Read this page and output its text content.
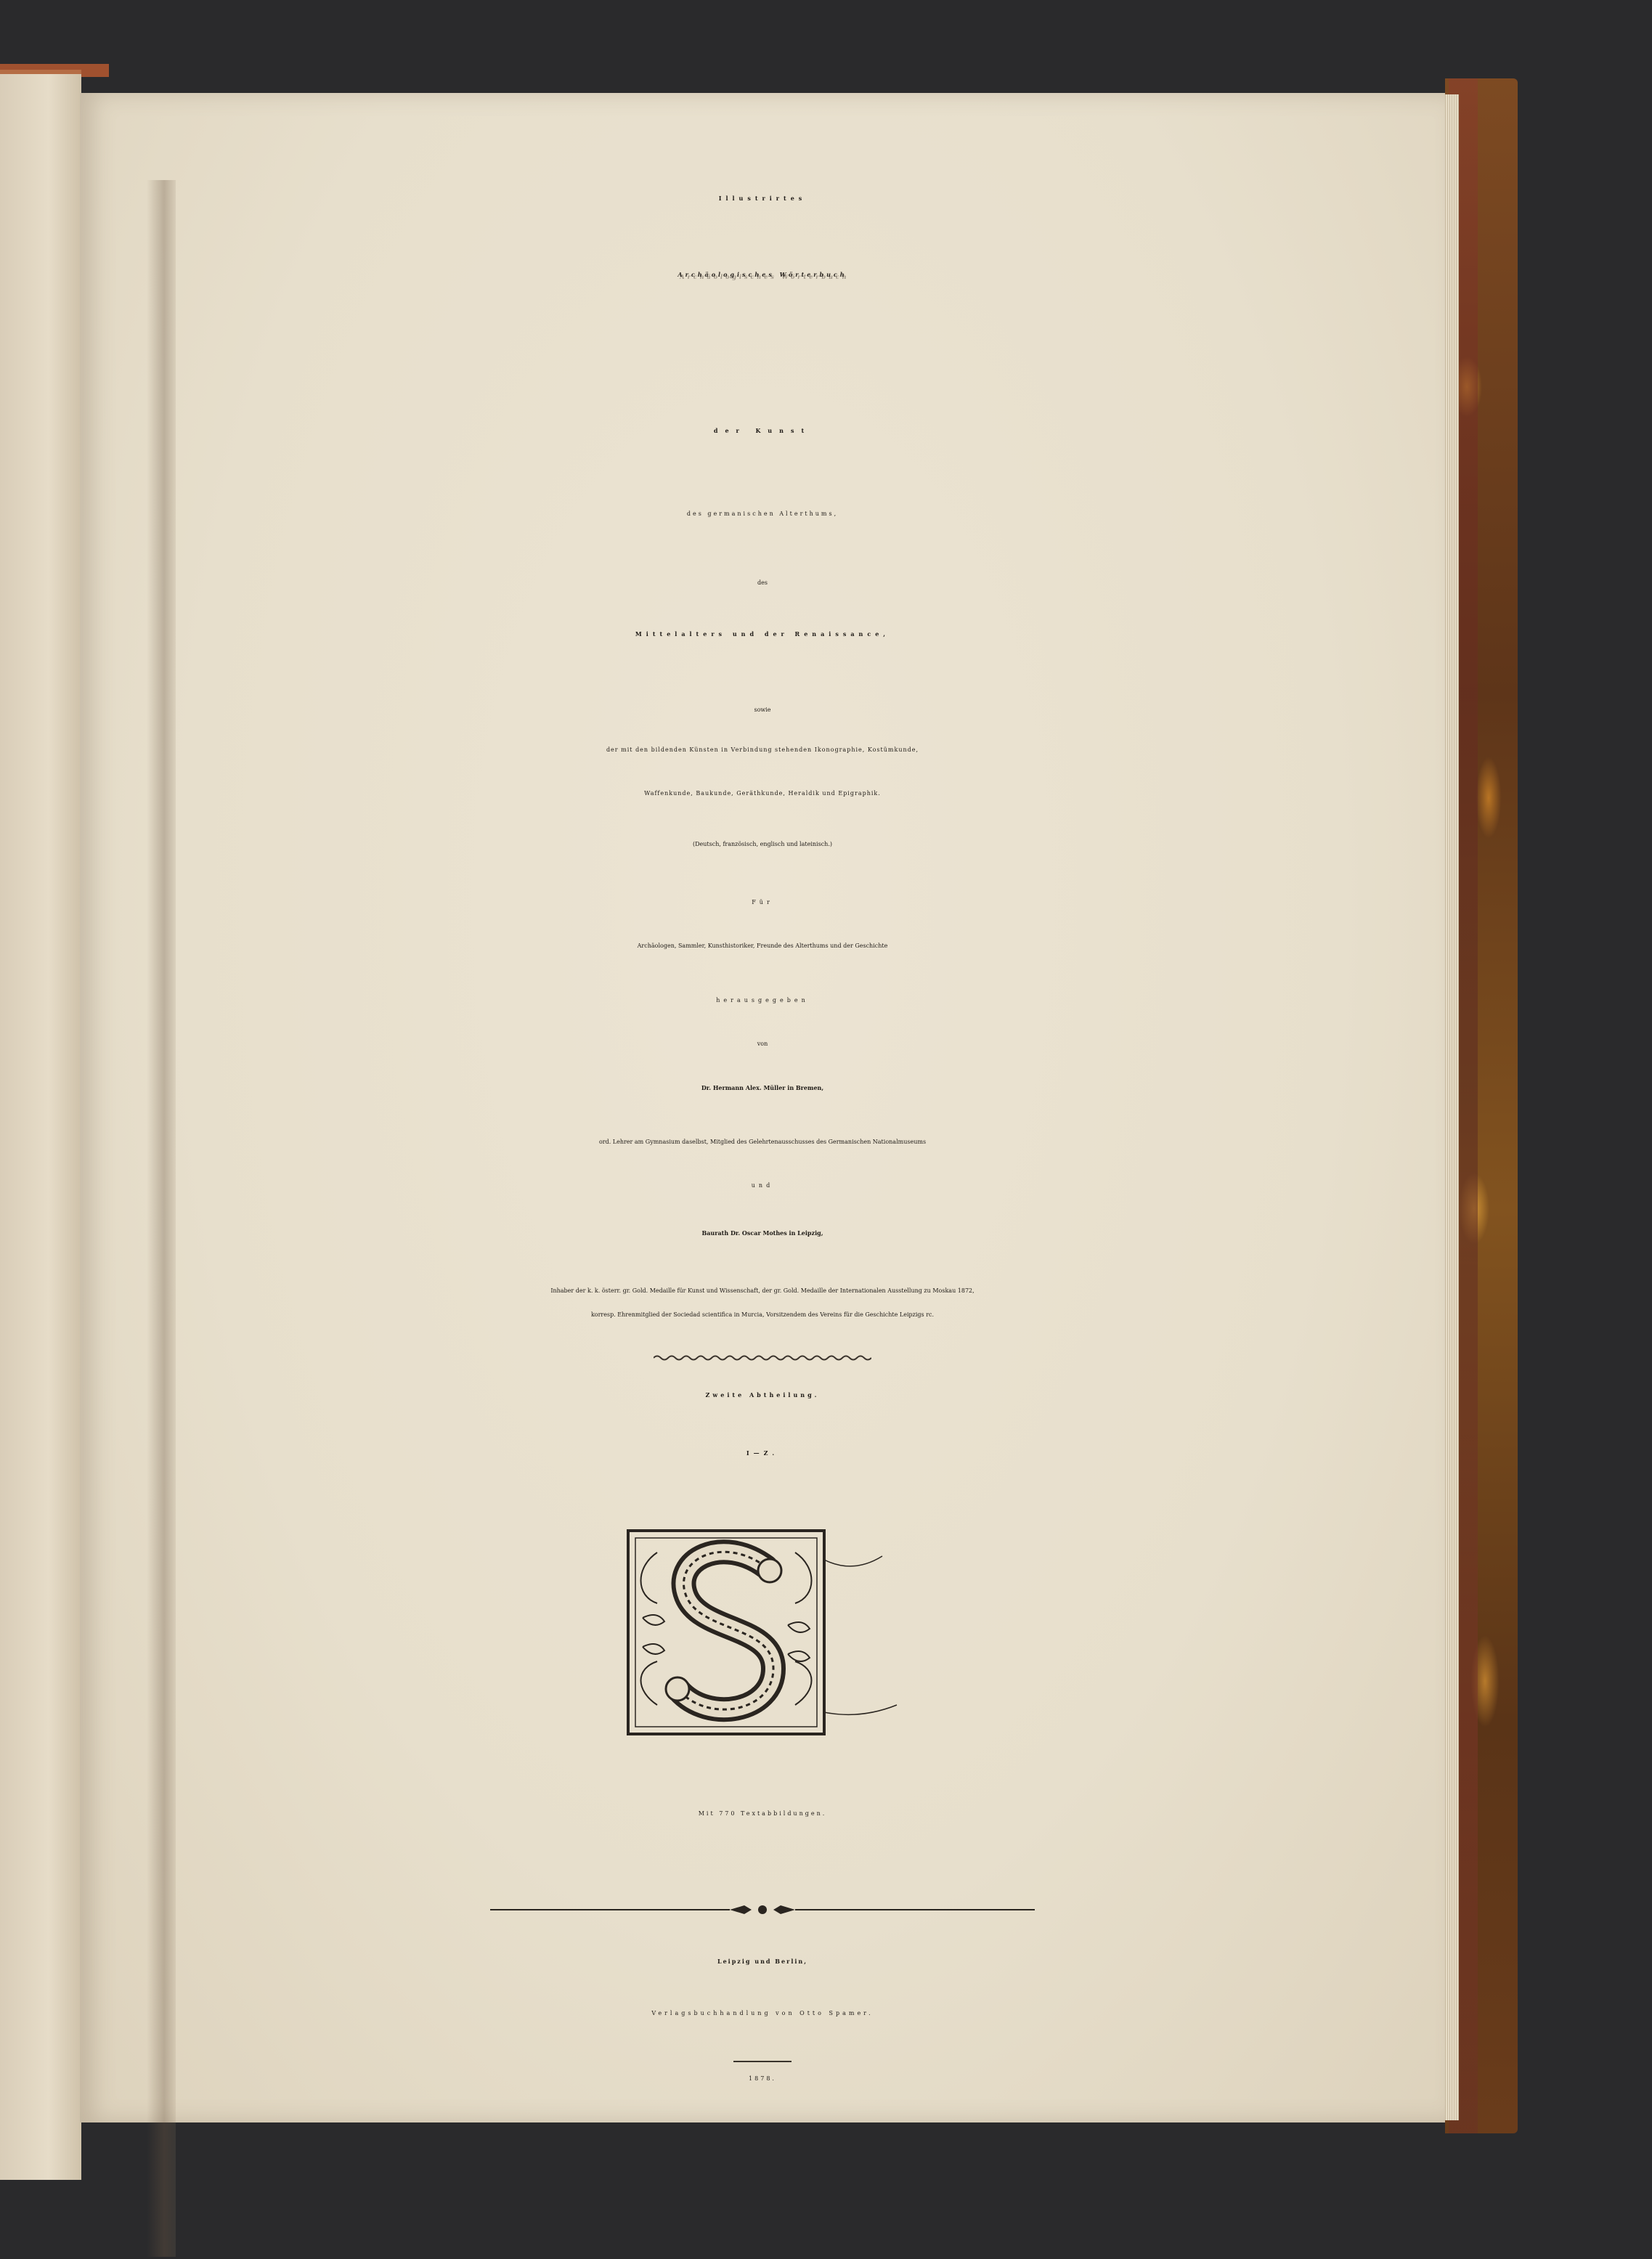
Illustrirtes
Archäologisches Wörterbuch
der Kunst
des germanischen Alterthums,
des
Mittelalters und der Renaissance,
sowie
der mit den bildenden Künsten in Verbindung stehenden Ikonographie, Kostümkunde,
Waffenkunde, Baukunde, Geräthkunde, Heraldik und Epigraphik.
(Deutsch, französisch, englisch und lateinisch.)
Für
Archäologen, Sammler, Kunsthistoriker, Freunde des Alterthums und der Geschichte
herausgegeben
von
Dr. Hermann Alex. Müller in Bremen,
ord. Lehrer am Gymnasium daselbst, Mitglied des Gelehrtenausschusses des Germanischen Nationalmuseums
und
Baurath Dr. Oscar Mothes in Leipzig,
Inhaber der k. k. österr. gr. Gold. Medaille für Kunst und Wissenschaft, der gr. Gold. Medaille der Internationalen Ausstellung zu Moskau 1872,
korresp. Ehrenmitglied der Sociedad scientifica in Murcia, Vorsitzendem des Vereins für die Geschichte Leipzigs rc.
Zweite Abtheilung.
I—Z.
Mit 770 Textabbildungen.
Leipzig und Berlin,
Verlagsbuchhandlung von Otto Spamer.
1878.
